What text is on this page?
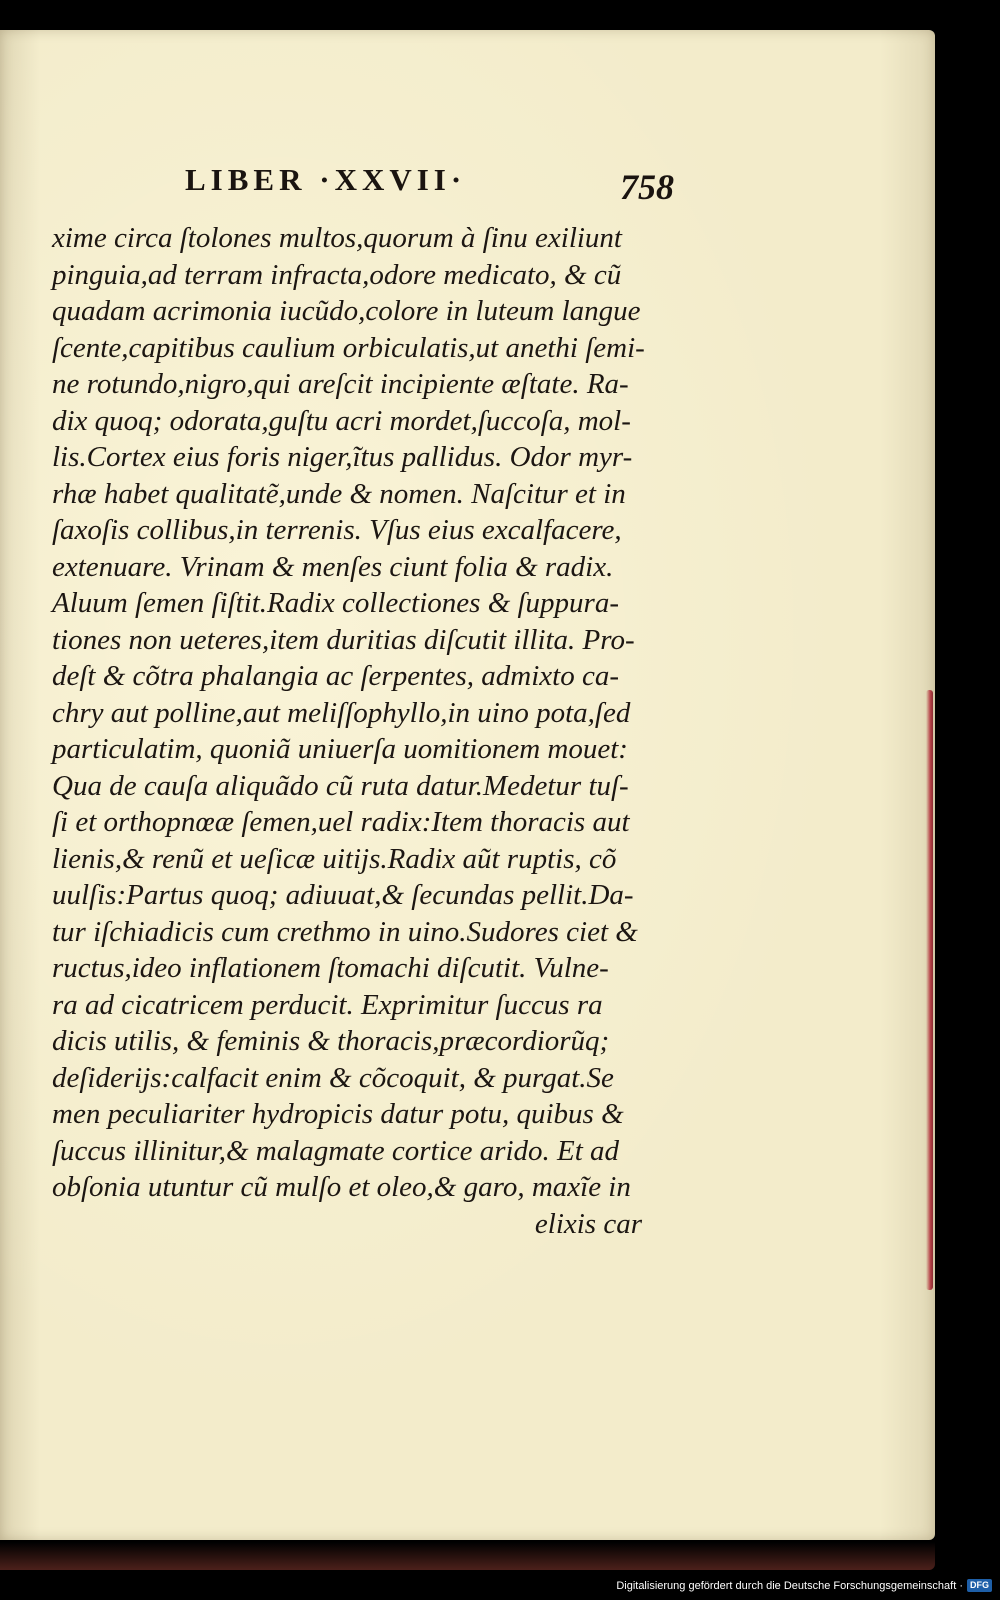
LIBER ·XXVII·	758
xime circa ſtolones multos,quorum à ſinu exiliunt
pinguia,ad terram infracta,odore medicato, & cũ
quadam acrimonia iucũdo,colore in luteum langue
ſcente,capitibus caulium orbiculatis,ut anethi ſemi-
ne rotundo,nigro,qui areſcit incipiente æſtate. Ra-
dix quoq; odorata,guſtu acri mordet,ſuccoſa, mol-
lis.Cortex eius foris niger,ĩtus pallidus. Odor myr-
rhæ habet qualitatẽ,unde & nomen. Naſcitur et in
ſaxoſis collibus,in terrenis. Vſus eius excalfacere,
extenuare. Vrinam & menſes ciunt folia & radix.
Aluum ſemen ſiſtit.Radix collectiones & ſuppura-
tiones non ueteres,item duritias diſcutit illita. Pro-
deſt & cõtra phalangia ac ſerpentes, admixto ca-
chry aut polline,aut meliſſophyllo,in uino pota,ſed
particulatim, quoniã uniuerſa uomitionem mouet:
Qua de cauſa aliquãdo cũ ruta datur.Medetur tuſ-
ſi et orthopnœæ ſemen,uel radix:Item thoracis aut
lienis,& renũ et ueſicæ uitijs.Radix aũt ruptis, cõ
uulſis:Partus quoq; adiuuat,& ſecundas pellit.Da-
tur iſchiadicis cum crethmo in uino.Sudores ciet &
ructus,ideo inflationem ſtomachi diſcutit. Vulne-
ra ad cicatricem perducit. Exprimitur ſuccus ra
dicis utilis, & feminis & thoracis,præcordiorũq;
deſiderijs:calfacit enim & cõcoquit, & purgat.Se
men peculiariter hydropicis datur potu, quibus &
ſuccus illinitur,& malagmate cortice arido. Et ad
obſonia utuntur cũ mulſo et oleo,& garo, maxĩe in
elixis car
Digitalisierung gefördert durch die Deutsche Forschungsgemeinschaft · DFG
